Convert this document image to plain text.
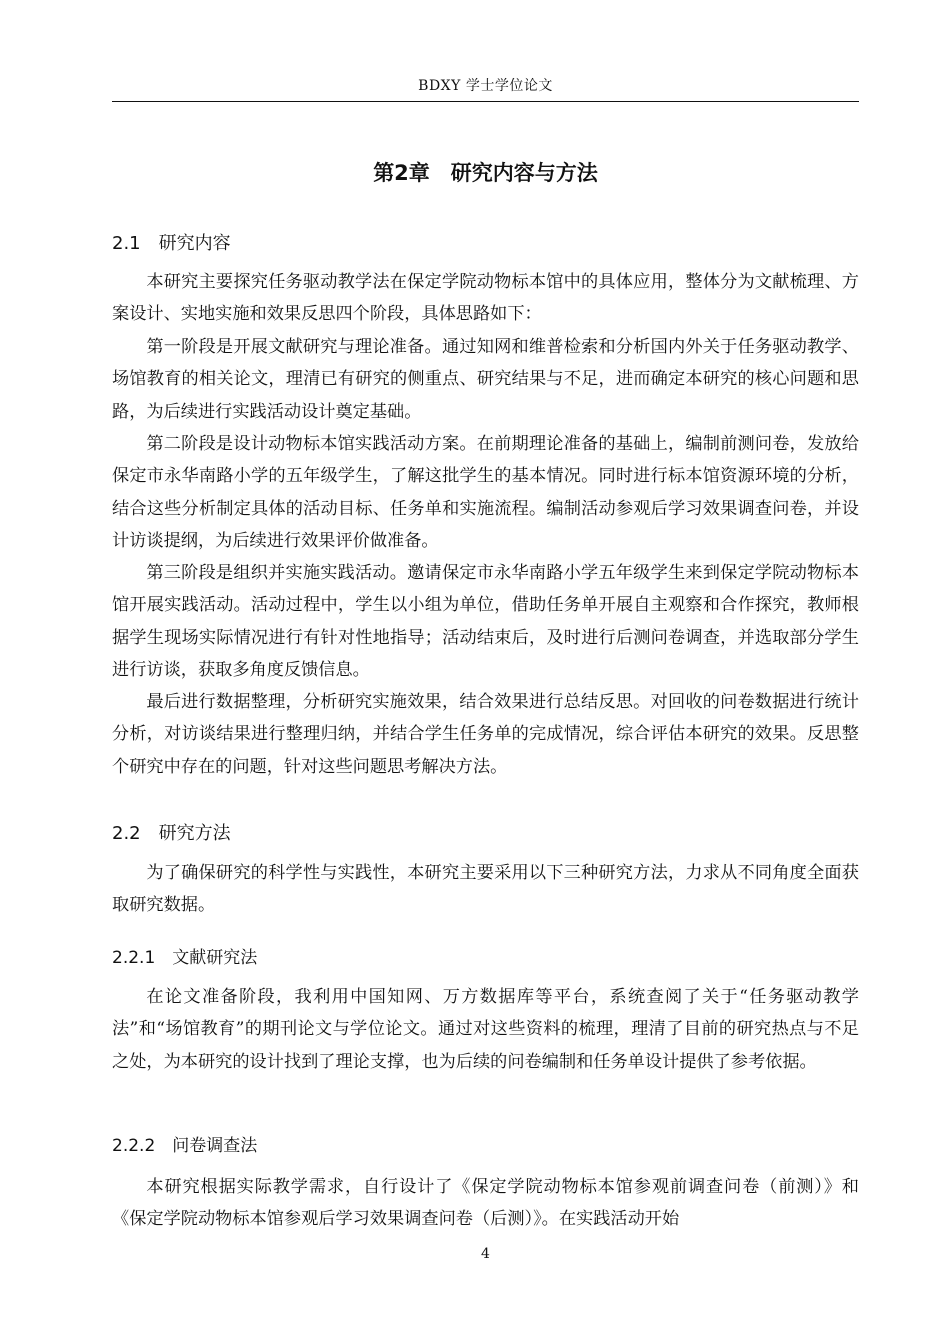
BDXY 学士学位论文
第2章　研究内容与方法
2.1　研究内容

本研究主要探究任务驱动教学法在保定学院动物标本馆中的具体应用，整体分为文献梳理、方案设计、实地实施和效果反思四个阶段，具体思路如下：

第一阶段是开展文献研究与理论准备。通过知网和维普检索和分析国内外关于任务驱动教学、场馆教育的相关论文，理清已有研究的侧重点、研究结果与不足，进而确定本研究的核心问题和思路，为后续进行实践活动设计奠定基础。

第二阶段是设计动物标本馆实践活动方案。在前期理论准备的基础上，编制前测问卷，发放给保定市永华南路小学的五年级学生，了解这批学生的基本情况。同时进行标本馆资源环境的分析，结合这些分析制定具体的活动目标、任务单和实施流程。编制活动参观后学习效果调查问卷，并设计访谈提纲，为后续进行效果评价做准备。

第三阶段是组织并实施实践活动。邀请保定市永华南路小学五年级学生来到保定学院动物标本馆开展实践活动。活动过程中，学生以小组为单位，借助任务单开展自主观察和合作探究，教师根据学生现场实际情况进行有针对性地指导；活动结束后，及时进行后测问卷调查，并选取部分学生进行访谈，获取多角度反馈信息。

最后进行数据整理，分析研究实施效果，结合效果进行总结反思。对回收的问卷数据进行统计分析，对访谈结果进行整理归纳，并结合学生任务单的完成情况，综合评估本研究的效果。反思整个研究中存在的问题，针对这些问题思考解决方法。

2.2　研究方法

为了确保研究的科学性与实践性，本研究主要采用以下三种研究方法，力求从不同角度全面获取研究数据。

2.2.1　文献研究法

在论文准备阶段，我利用中国知网、万方数据库等平台，系统查阅了关于“任务驱动教学法”和“场馆教育”的期刊论文与学位论文。通过对这些资料的梳理，理清了目前的研究热点与不足之处，为本研究的设计找到了理论支撑，也为后续的问卷编制和任务单设计提供了参考依据。

2.2.2　问卷调查法

本研究根据实际教学需求，自行设计了《保定学院动物标本馆参观前调查问卷（前测）》和《保定学院动物标本馆参观后学习效果调查问卷（后测）》。在实践活动开始

4
